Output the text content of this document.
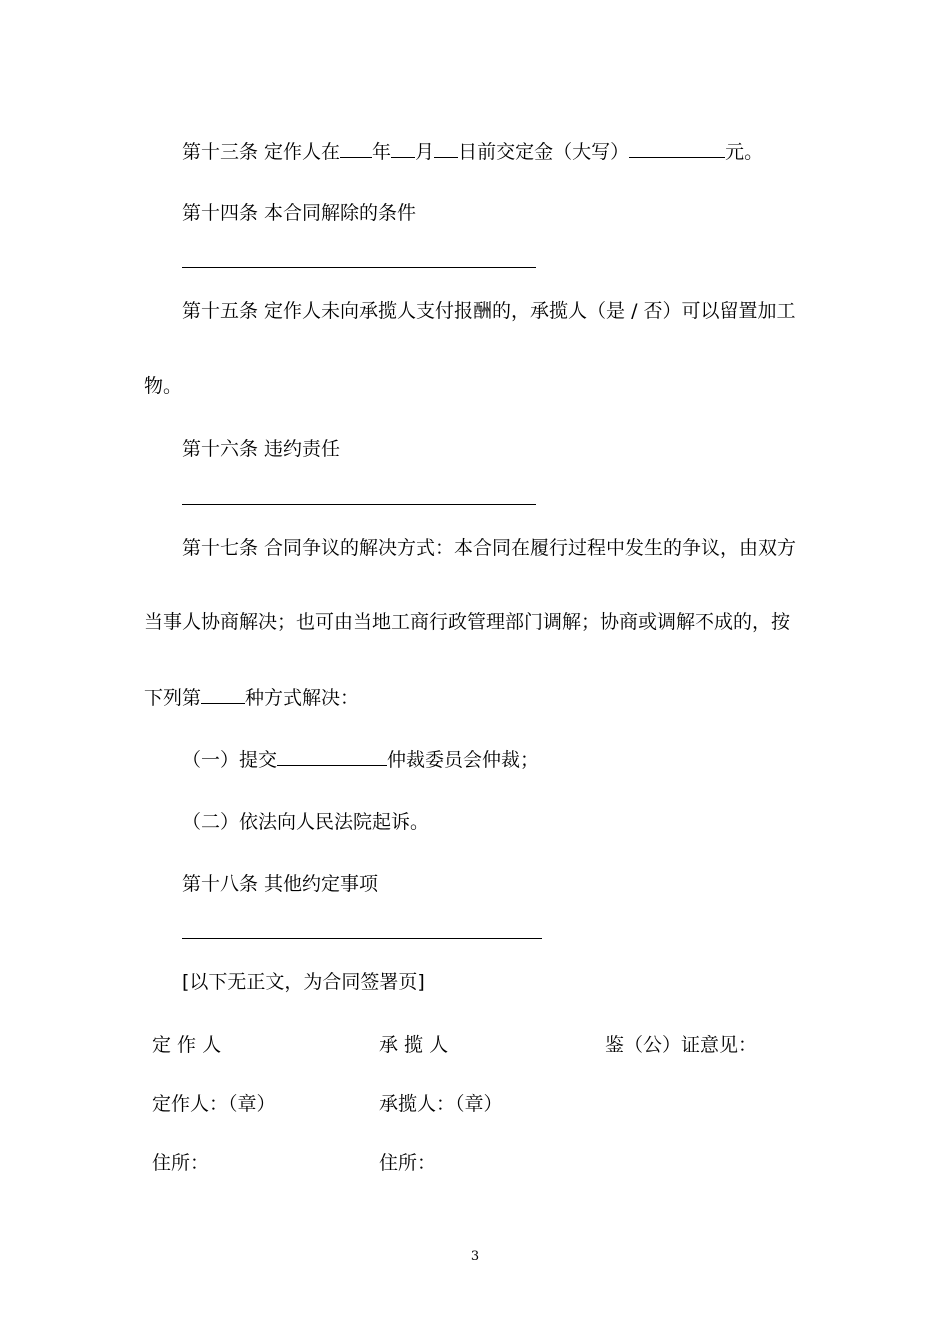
第十三条 定作人在 年 月 日前交定金（大写）	元。
第十四条 本合同解除的条件
第十五条 定作人未向承揽人支付报酬的，承揽人（是 / 否）可以留置加工
物。
第十六条 违约责任
第十七条 合同争议的解决方式：本合同在履行过程中发生的争议，由双方
当事人协商解决；也可由当地工商行政管理部门调解；协商或调解不成的，按
下列第 种方式解决：
（一）提交	仲裁委员会仲裁；
（二）依法向人民法院起诉。
第十八条 其他约定事项
[以下无正文，为合同签署页]
定 作 人	承 揽 人	鉴（公）证意见：
定作人：（章）	承揽人：（章）
住所：	住所：
3
